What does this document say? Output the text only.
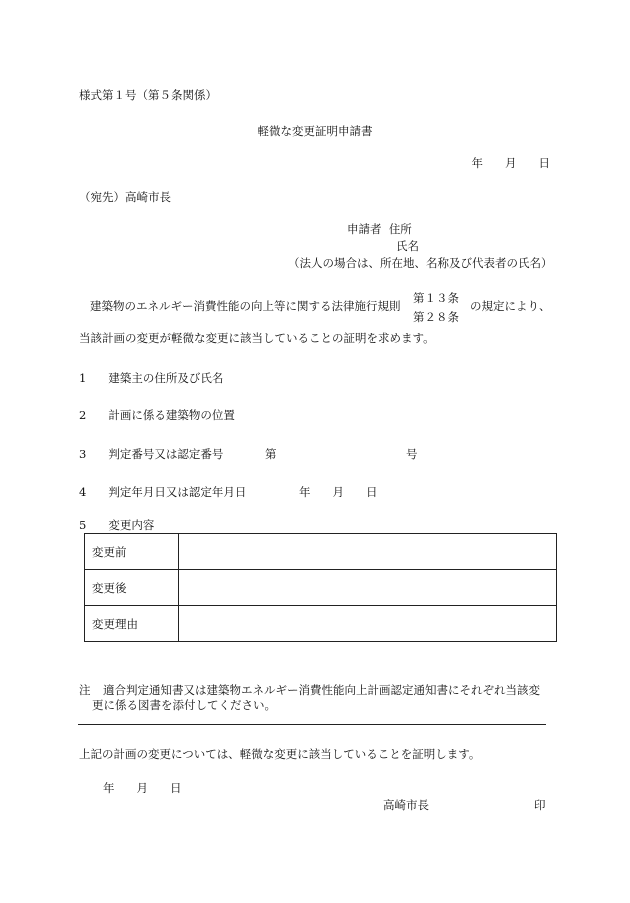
様式第１号（第５条関係）
軽微な変更証明申請書
年 月 日
（宛先）高崎市長
申請者 住所
氏名
（法人の場合は、所在地、名称及び代表者の氏名）
建築物のエネルギー消費性能の向上等に関する法律施行規則
第１３条
第２８条
の規定により、
当該計画の変更が軽微な変更に該当していることの証明を求めます。
1 建築主の住所及び氏名
2 計画に係る建築物の位置
3 判定番号又は認定番号	第	号
4 判定年月日又は認定年月日	年 月 日
5 変更内容
変更前	
変更後	
変更理由	
注 適合判定通知書又は建築物エネルギー消費性能向上計画認定通知書にそれぞれ当該変
更に係る図書を添付してください。
上記の計画の変更については、軽微な変更に該当していることを証明します。
年 月 日
高崎市長	印
